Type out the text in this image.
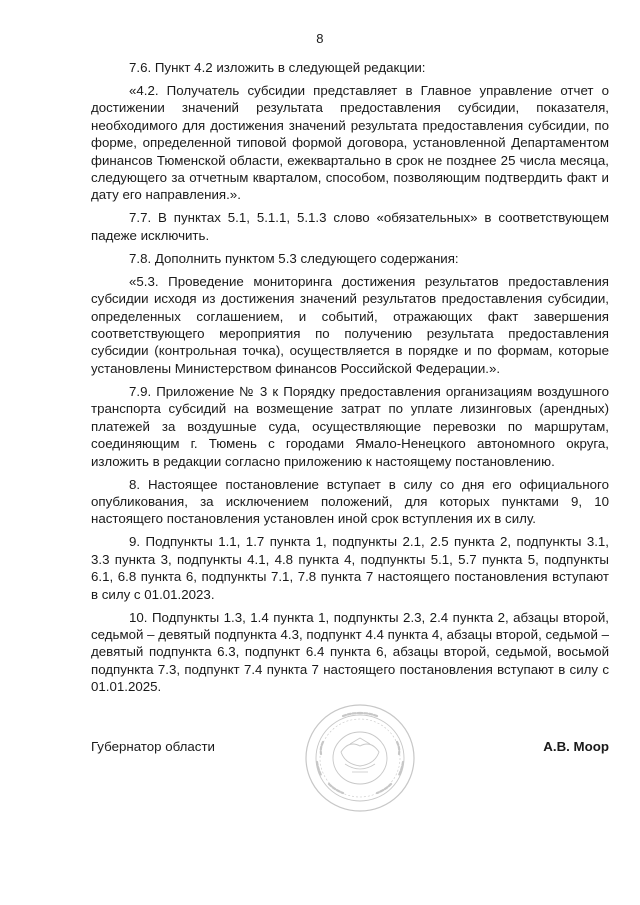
8

7.6. Пункт 4.2 изложить в следующей редакции:

«4.2. Получатель субсидии представляет в Главное управление отчет о достижении значений результата предоставления субсидии, показателя, необходимого для достижения значений результата предоставления субсидии, по форме, определенной типовой формой договора, установленной Департаментом финансов Тюменской области, ежеквартально в срок не позднее 25 числа месяца, следующего за отчетным кварталом, способом, позволяющим подтвердить факт и дату его направления.».

7.7. В пунктах 5.1, 5.1.1, 5.1.3 слово «обязательных» в соответствующем падеже исключить.

7.8. Дополнить пунктом 5.3 следующего содержания:

«5.3. Проведение мониторинга достижения результатов предоставления субсидии исходя из достижения значений результатов предоставления субсидии, определенных соглашением, и событий, отражающих факт завершения соответствующего мероприятия по получению результата предоставления субсидии (контрольная точка), осуществляется в порядке и по формам, которые установлены Министерством финансов Российской Федерации.».

7.9. Приложение № 3 к Порядку предоставления организациям воздушного транспорта субсидий на возмещение затрат по уплате лизинговых (арендных) платежей за воздушные суда, осуществляющие перевозки по маршрутам, соединяющим г. Тюмень с городами Ямало-Ненецкого автономного округа, изложить в редакции согласно приложению к настоящему постановлению.

8. Настоящее постановление вступает в силу со дня его официального опубликования, за исключением положений, для которых пунктами 9, 10 настоящего постановления установлен иной срок вступления их в силу.

9. Подпункты 1.1, 1.7 пункта 1, подпункты 2.1, 2.5 пункта 2, подпункты 3.1, 3.3 пункта 3, подпункты 4.1, 4.8 пункта 4, подпункты 5.1, 5.7 пункта 5, подпункты 6.1, 6.8 пункта 6, подпункты 7.1, 7.8 пункта 7 настоящего постановления вступают в силу с 01.01.2023.

10. Подпункты 1.3, 1.4 пункта 1, подпункты 2.3, 2.4 пункта 2, абзацы второй, седьмой – девятый подпункта 4.3, подпункт 4.4 пункта 4, абзацы второй, седьмой – девятый подпункта 6.3, подпункт 6.4 пункта 6, абзацы второй, седьмой, восьмой подпункта 7.3, подпункт 7.4 пункта 7 настоящего постановления вступают в силу с 01.01.2025.

Губернатор области	А.В. Моор
